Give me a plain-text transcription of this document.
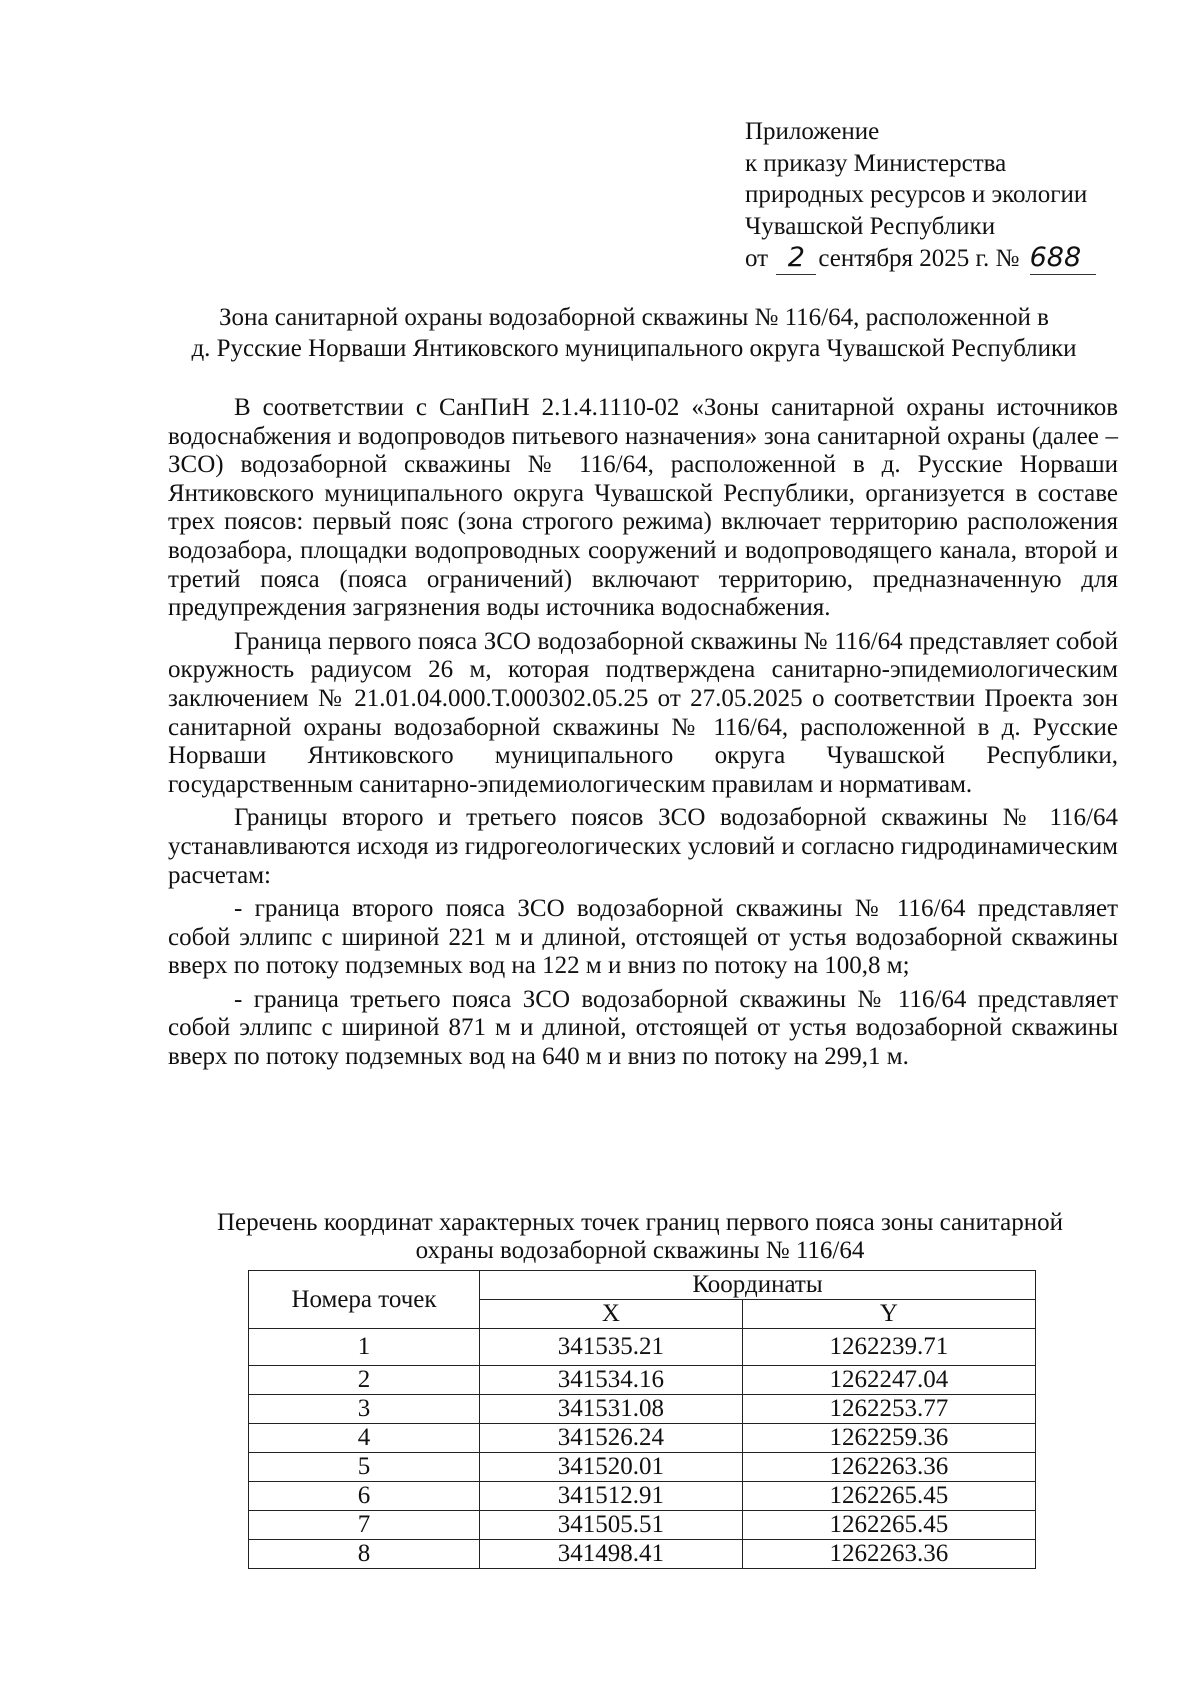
Приложение
к приказу Министерства
природных ресурсов и экологии
Чувашской Республики
от 2 сентября 2025 г. № 688
Зона санитарной охраны водозаборной скважины № 116/64, расположенной в
д. Русские Норваши Янтиковского муниципального округа Чувашской Республики

В соответствии с СанПиН 2.1.4.1110-02 «Зоны санитарной охраны источников водоснабжения и водопроводов питьевого назначения» зона санитарной охраны (далее – ЗСО) водозаборной скважины № 116/64, расположенной в д. Русские Норваши Янтиковского муниципального округа Чувашской Республики, организуется в составе трех поясов: первый пояс (зона строгого режима) включает территорию расположения водозабора, площадки водопроводных сооружений и водопроводящего канала, второй и третий пояса (пояса ограничений) включают территорию, предназначенную для предупреждения загрязнения воды источника водоснабжения.

Граница первого пояса ЗСО водозаборной скважины № 116/64 представляет собой окружность радиусом 26 м, которая подтверждена санитарно-эпидемиологическим заключением № 21.01.04.000.Т.000302.05.25 от 27.05.2025 о соответствии Проекта зон санитарной охраны водозаборной скважины № 116/64, расположенной в д. Русские Норваши Янтиковского муниципального округа Чувашской Республики, государственным санитарно-эпидемиологическим правилам и нормативам.

Границы второго и третьего поясов ЗСО водозаборной скважины № 116/64 устанавливаются исходя из гидрогеологических условий и согласно гидродинамическим расчетам:

- граница второго пояса ЗСО водозаборной скважины № 116/64 представляет собой эллипс с шириной 221 м и длиной, отстоящей от устья водозаборной скважины вверх по потоку подземных вод на 122 м и вниз по потоку на 100,8 м;

- граница третьего пояса ЗСО водозаборной скважины № 116/64 представляет собой эллипс с шириной 871 м и длиной, отстоящей от устья водозаборной скважины вверх по потоку подземных вод на 640 м и вниз по потоку на 299,1 м.

Перечень координат характерных точек границ первого пояса зоны санитарной охраны водозаборной скважины № 116/64
Номера точек	Координаты	
	X	Y
1	341535.21	1262239.71
2	341534.16	1262247.04
3	341531.08	1262253.77
4	341526.24	1262259.36
5	341520.01	1262263.36
6	341512.91	1262265.45
7	341505.51	1262265.45
8	341498.41	1262263.36
